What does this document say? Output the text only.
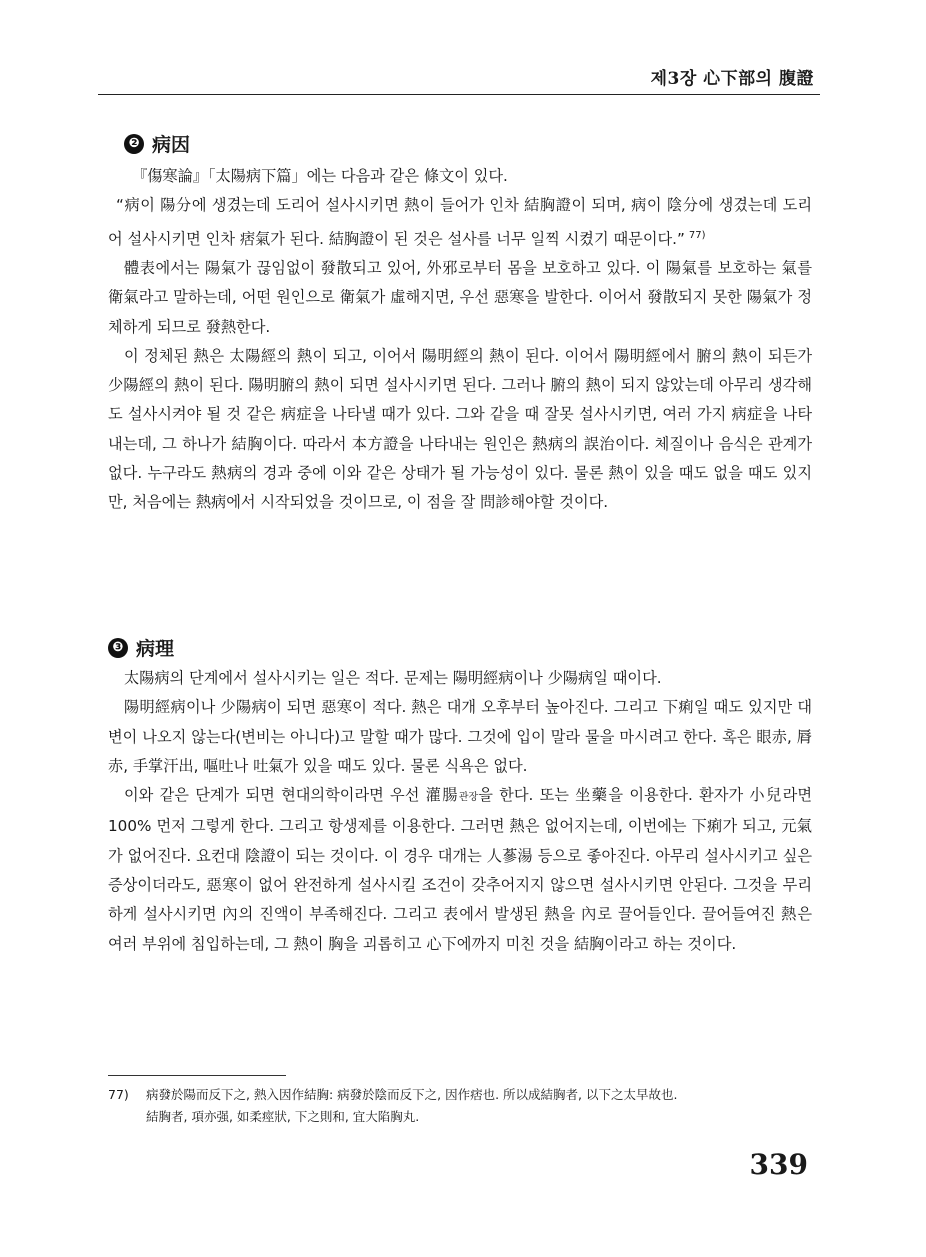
제3장 心下部의 腹證
❷ 病因

『傷寒論』「太陽病下篇」에는 다음과 같은 條文이 있다.

“病이 陽分에 생겼는데 도리어 설사시키면 熱이 들어가 인차 結胸證이 되며, 病이 陰分에 생겼는데 도리어 설사시키면 인차 痞氣가 된다. 結胸證이 된 것은 설사를 너무 일찍 시켰기 때문이다.” $^{77)}$

體表에서는 陽氣가 끊임없이 發散되고 있어, 外邪로부터 몸을 보호하고 있다. 이 陽氣를 보호하는 氣를 衛氣라고 말하는데, 어떤 원인으로 衛氣가 虛해지면, 우선 惡寒을 발한다. 이어서 發散되지 못한 陽氣가 정체하게 되므로 發熱한다.

이 정체된 熱은 太陽經의 熱이 되고, 이어서 陽明經의 熱이 된다. 이어서 陽明經에서 腑의 熱이 되든가 少陽經의 熱이 된다. 陽明腑의 熱이 되면 설사시키면 된다. 그러나 腑의 熱이 되지 않았는데 아무리 생각해도 설사시켜야 될 것 같은 病症을 나타낼 때가 있다. 그와 같을 때 잘못 설사시키면, 여러 가지 病症을 나타내는데, 그 하나가 結胸이다. 따라서 本方證을 나타내는 원인은 熱病의 誤治이다. 체질이나 음식은 관계가 없다. 누구라도 熱病의 경과 중에 이와 같은 상태가 될 가능성이 있다. 물론 熱이 있을 때도 없을 때도 있지만, 처음에는 熱病에서 시작되었을 것이므로, 이 점을 잘 問診해야할 것이다.

❸ 病理

太陽病의 단계에서 설사시키는 일은 적다. 문제는 陽明經病이나 少陽病일 때이다.

陽明經病이나 少陽病이 되면 惡寒이 적다. 熱은 대개 오후부터 높아진다. 그리고 下痢일 때도 있지만 대변이 나오지 않는다(변비는 아니다)고 말할 때가 많다. 그것에 입이 말라 물을 마시려고 한다. 혹은 眼赤, 脣赤, 手掌汗出, 嘔吐나 吐氣가 있을 때도 있다. 물론 식욕은 없다.

이와 같은 단계가 되면 현대의학이라면 우선 灌腸관장을 한다. 또는 坐藥을 이용한다. 환자가 小兒라면 100% 먼저 그렇게 한다. 그리고 항생제를 이용한다. 그러면 熱은 없어지는데, 이번에는 下痢가 되고, 元氣가 없어진다. 요컨대 陰證이 되는 것이다. 이 경우 대개는 人蔘湯 등으로 좋아진다. 아무리 설사시키고 싶은 증상이더라도, 惡寒이 없어 완전하게 설사시킬 조건이 갖추어지지 않으면 설사시키면 안된다. 그것을 무리하게 설사시키면 內의 진액이 부족해진다. 그리고 表에서 발생된 熱을 內로 끌어들인다. 끌어들여진 熱은 여러 부위에 침입하는데, 그 熱이 胸을 괴롭히고 心下에까지 미친 것을 結胸이라고 하는 것이다.

77) 病發於陽而反下之, 熱入因作結胸: 病發於陰而反下之, 因作痞也. 所以成結胸者, 以下之太早故也.
結胸者, 項亦强, 如柔痙狀, 下之則和, 宜大陷胸丸.
339
